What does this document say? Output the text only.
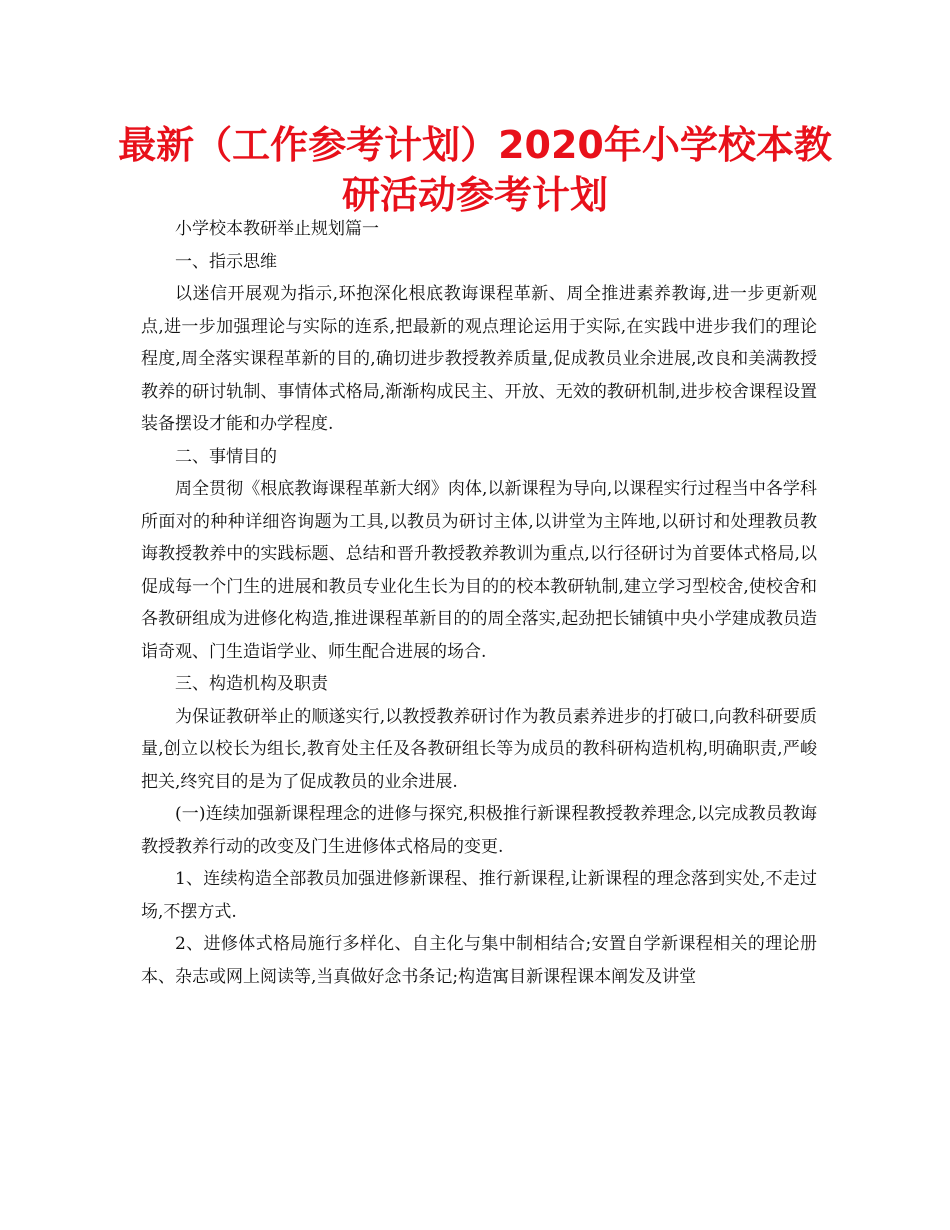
最新（工作参考计划）2020年小学校本教研活动参考计划

小学校本教研举止规划篇一

一、指示思维

以迷信开展观为指示,环抱深化根底教诲课程革新、周全推进素养教诲,进一步更新观点,进一步加强理论与实际的连系,把最新的观点理论运用于实际,在实践中进步我们的理论程度,周全落实课程革新的目的,确切进步教授教养质量,促成教员业余进展,改良和美满教授教养的研讨轨制、事情体式格局,渐渐构成民主、开放、无效的教研机制,进步校舍课程设置装备摆设才能和办学程度.

二、事情目的

周全贯彻《根底教诲课程革新大纲》肉体,以新课程为导向,以课程实行过程当中各学科所面对的种种详细咨询题为工具,以教员为研讨主体,以讲堂为主阵地,以研讨和处理教员教诲教授教养中的实践标题、总结和晋升教授教养教训为重点,以行径研讨为首要体式格局,以促成每一个门生的进展和教员专业化生长为目的的校本教研轨制,建立学习型校舍,使校舍和各教研组成为进修化构造,推进课程革新目的的周全落实,起劲把长铺镇中央小学建成教员造诣奇观、门生造诣学业、师生配合进展的场合.

三、构造机构及职责

为保证教研举止的顺遂实行,以教授教养研讨作为教员素养进步的打破口,向教科研要质量,创立以校长为组长,教育处主任及各教研组长等为成员的教科研构造机构,明确职责,严峻把关,终究目的是为了促成教员的业余进展.

(一)连续加强新课程理念的进修与探究,积极推行新课程教授教养理念,以完成教员教诲教授教养行动的改变及门生进修体式格局的变更.

1、连续构造全部教员加强进修新课程、推行新课程,让新课程的理念落到实处,不走过场,不摆方式.

2、进修体式格局施行多样化、自主化与集中制相结合;安置自学新课程相关的理论册本、杂志或网上阅读等,当真做好念书条记;构造寓目新课程课本阐发及讲堂
